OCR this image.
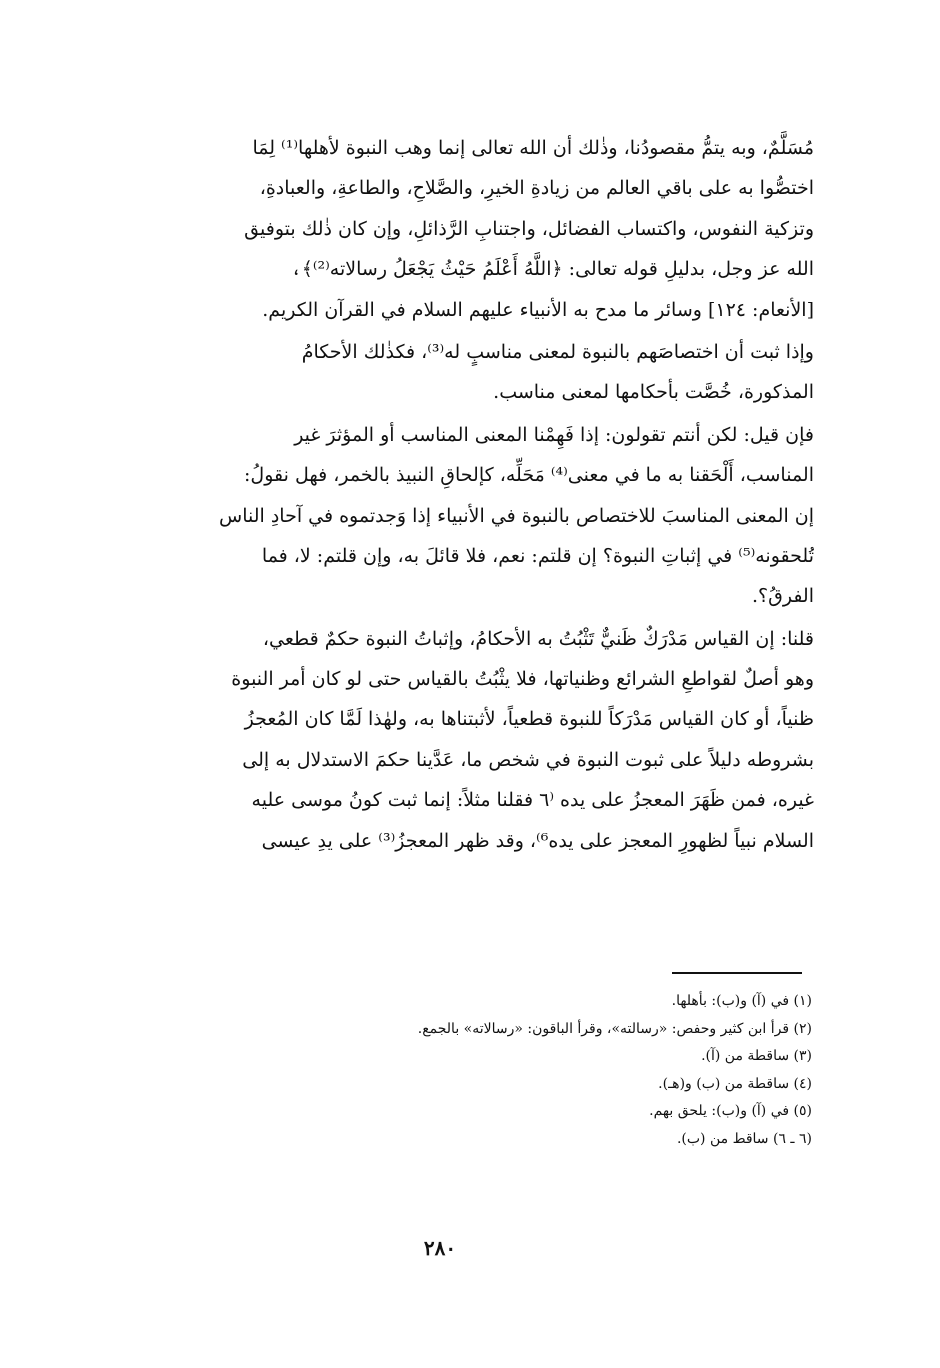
مُسَلَّمٌ، وبه يتمُّ مقصودُنا، وذٰلك أن الله تعالى إنما وهب النبوة لأهلها⁽¹⁾ لِمَا
اختصُّوا به على باقي العالم من زيادةِ الخيرِ، والصَّلاحِ، والطاعةِ، والعبادةِ،
وتزكية النفوس، واكتساب الفضائل، واجتنابِ الرَّذائلِ، وإن كان ذٰلك بتوفيق
الله عز وجل، بدليلِ قوله تعالى: ﴿اللَّهُ أَعْلَمُ حَيْثُ يَجْعَلُ رسالاته⁽²⁾﴾،
[الأنعام: ١٢٤] وسائر ما مدح به الأنبياء عليهم السلام في القرآن الكريم.
وإذا ثبت أن اختصاصَهم بالنبوة لمعنى مناسبٍ له⁽³⁾، فكذٰلك الأحكامُ
المذكورة، خُصَّت بأحكامها لمعنى مناسب.
فإن قيل: لكن أنتم تقولون: إذا فَهِمْنا المعنى المناسب أو المؤثرَ غير
المناسب، أَلْحَقنا به ما في معنى⁽⁴⁾ مَحَلِّه، كإلحاقِ النبيذ بالخمر، فهل نقولُ:
إن المعنى المناسبَ للاختصاص بالنبوة في الأنبياء إذا وَجدتموه في آحادِ الناس
تُلحقونه⁽⁵⁾ في إثباتِ النبوة؟ إن قلتم: نعم، فلا قائلَ به، وإن قلتم: لا، فما
الفرقُ؟.
قلنا: إن القياس مَدْرَكٌ ظَنيٌّ تَثْبُتُ به الأحكامُ، وإثباتُ النبوة حكمٌ قطعي،
وهو أصلٌ لقواطعِ الشرائع وظنياتها، فلا يثْبُتُ بالقياس حتى لو كان أمر النبوة
ظنياً، أو كان القياس مَدْرَكاً للنبوة قطعياً، لأثبتناها به، ولهٰذا لَمَّا كان المُعجزُ
بشروطه دليلاً على ثبوت النبوة في شخص ما، عَدَّينا حكمَ الاستدلال به إلى
غيره، فمن ظَهَرَ المعجزُ على يده ⁽٦ فقلنا مثلاً: إنما ثبت كونُ موسى عليه
السلام نبياً لظهورِ المعجز على يده⁶⁾، وقد ظهر المعجزُ⁽³⁾ على يدِ عيسى
(١) في (آ) و(ب): بأهلها.
(٢) قرأ ابن كثير وحفص: «رسالته»، وقرأ الباقون: «رسالاته» بالجمع.
(٣) ساقطة من (آ).
(٤) ساقطة من (ب) و(هـ).
(٥) في (آ) و(ب): يلحق بهم.
(٦ ـ ٦) ساقط من (ب).
٢٨٠
